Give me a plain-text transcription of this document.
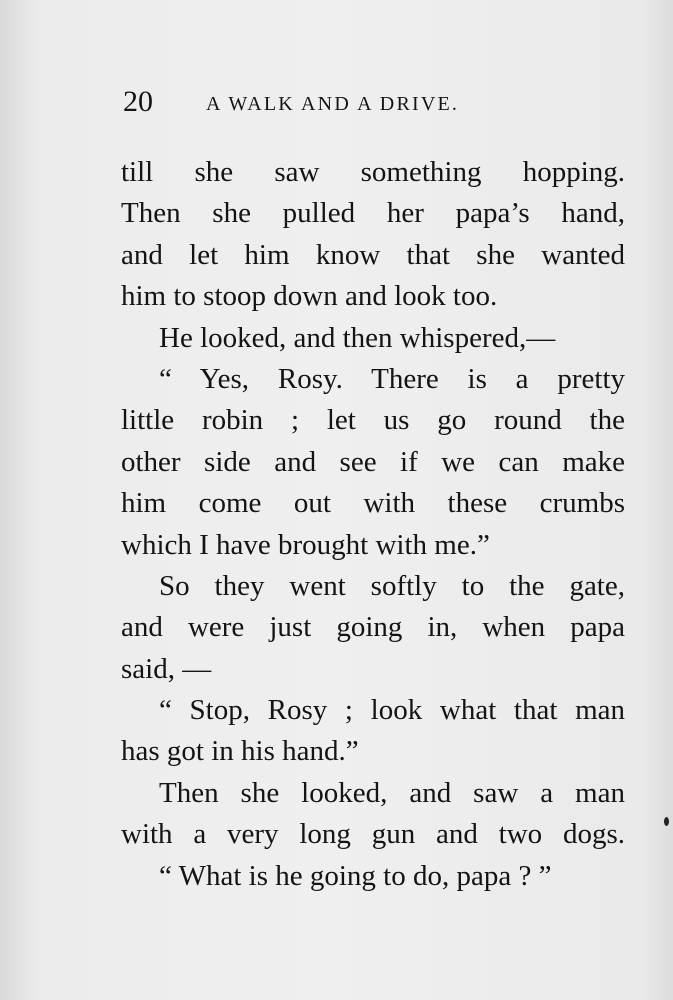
20	A WALK AND A DRIVE.
till she saw something hopping.
Then she pulled her papa’s hand,
and let him know that she wanted
him to stoop down and look too.
He looked, and then whispered,—
“ Yes, Rosy. There is a pretty
little robin ; let us go round the
other side and see if we can make
him come out with these crumbs
which I have brought with me.”
So they went softly to the gate,
and were just going in, when papa
said, —
“ Stop, Rosy ; look what that man
has got in his hand.”
Then she looked, and saw a man
with a very long gun and two dogs.
“ What is he going to do, papa ? ”
